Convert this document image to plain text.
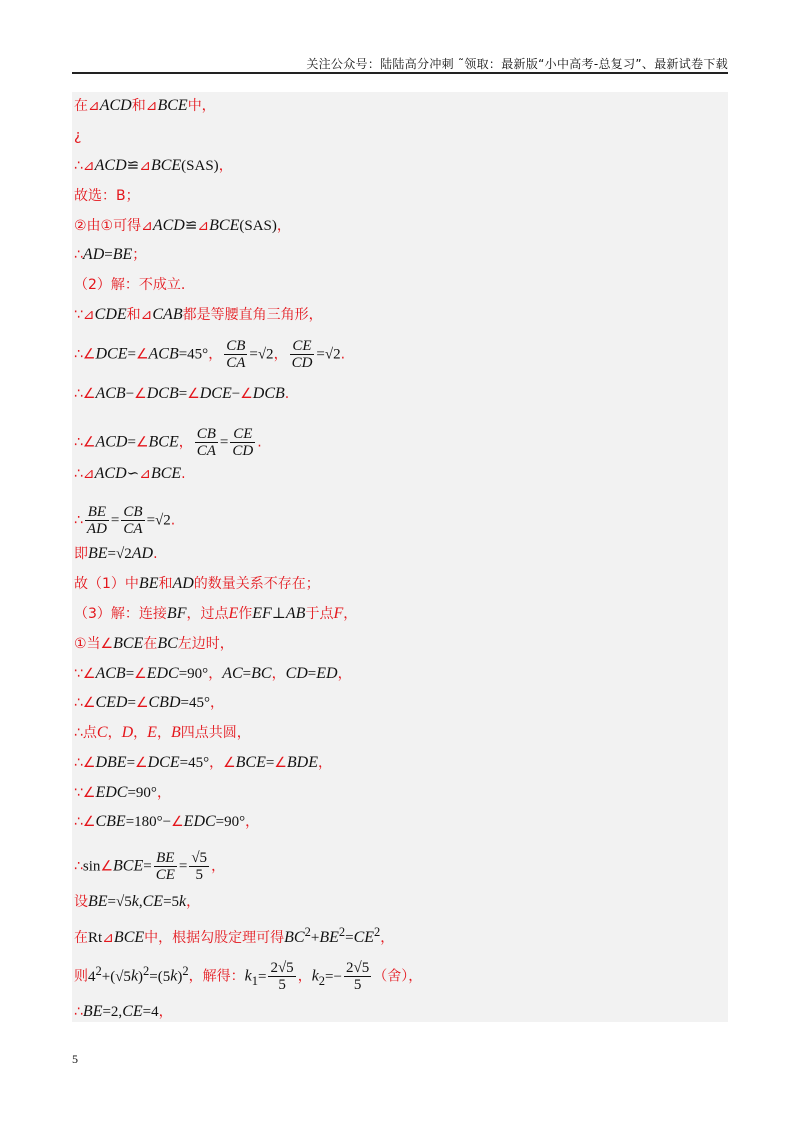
关注公众号：陆陆高分冲刺 ˜领取：最新版“小中高考-总复习”、最新试卷下载
在⊿ACD和⊿BCE中，
¿
∴⊿ACD≌⊿BCE(SAS)，
故选：B；
②由①可得⊿ACD≌⊿BCE(SAS)，
∴AD=BE；
（2）解：不成立.
∵⊿CDE和⊿CAB都是等腰直角三角形，
∴∠DCE=∠ACB=45°， $\frac{CB}{CA} =√2$， $\frac{CE}{CD} =√2$.
∴∠ACB−∠DCB=∠DCE−∠DCB.
∴∠ACD=∠BCE， $\frac{CB}{CA} = \frac{CE}{CD}$ .
∴⊿ACD∽⊿BCE.
∴ $\frac{BE}{AD} = \frac{CB}{CA} =√2$.
即BE=√2AD.
故（1）中BE和AD的数量关系不存在；
（3）解：连接BF，过点E作EF⊥AB于点F，
①当∠BCE在BC左边时，
∵∠ACB=∠EDC=90°，AC=BC，CD=ED，
∴∠CED=∠CBD=45°，
∴点C，D，E，B四点共圆，
∴∠DBE=∠DCE=45°，∠BCE=∠BDE，
∵∠EDC=90°，
∴∠CBE=180°−∠EDC=90°，
∴sin∠BCE= $\frac{BE}{CE} = \frac{√5}{5}$ ，
设BE=√5k,CE=5k，
在Rt⊿BCE中，根据勾股定理可得$BC^2+BE^2=CE^2$，
则$4^2+(√5k)^2=(5k)^2$，解得：$k_1= \frac{2√5}{5}$ ，$k_2=- \frac{2√5}{5}$ （舍），
∴BE=2,CE=4，
5
